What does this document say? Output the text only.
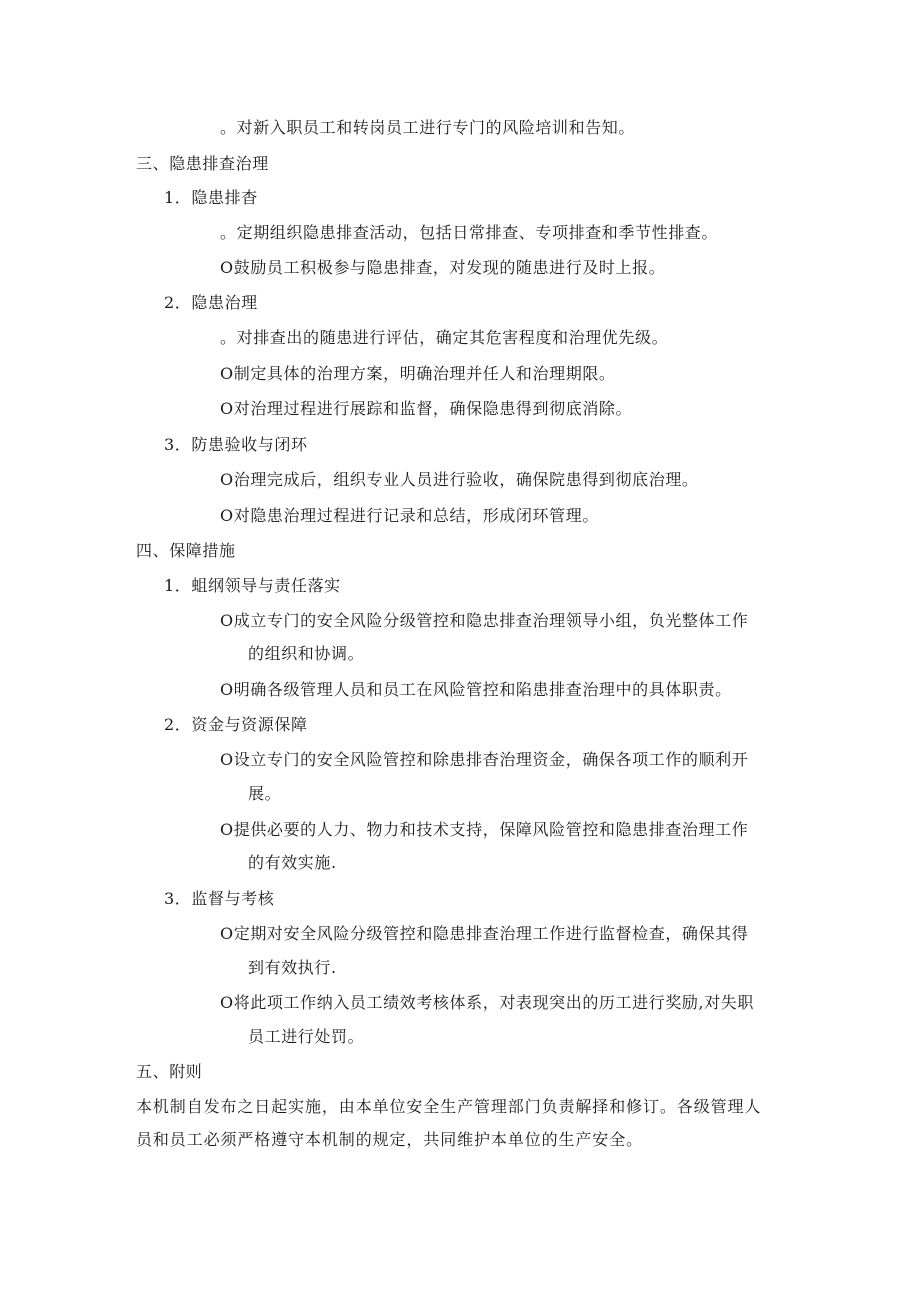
。对新入职员工和转岗员工进行专门的风险培训和告知。
三、隐患排查治理
1．隐患排杳
。定期组织隐患排查活动，包括日常排查、专项排查和季节性排查。
O鼓励员工积极参与隐患排查，对发现的随患进行及时上报。
2．隐患治理
。对排查出的随患进行评估，确定其危害程度和治理优先级。
O制定具体的治理方案，明确治理并任人和治理期限。
O对治理过程进行展踪和监督，确保隐患得到彻底消除。
3．防患验收与闭环
O治理完成后，组织专业人员进行验收，确保院患得到彻底治理。
O对隐患治理过程进行记录和总结，形成闭环管理。
四、保障措施
1．蛆纲领导与责任落实
O成立专门的安全风险分级管控和隐忠排查治理领导小组，负光整体工作
的组织和协调。
O明确各级管理人员和员工在风险管控和陷患排查治理中的具体职责。
2．资金与资源保障
O设立专门的安全风险管控和除患排杳治理资金，确保各项工作的顺利开
展。
O提供必要的人力、物力和技术支持，保障风险管控和隐患排查治理工作
的有效实施.
3．监督与考核
O定期对安全风险分级管控和隐患排查治理工作进行监督检查，确保其得
到有效执行.
O将此项工作纳入员工绩效考核体系，对表现突出的历工进行奖励,对失职
员工进行处罚。
五、附则
本机制自发布之日起实施，由本单位安全生产管理部门负责解择和修订。各级管理人
员和员工必须严格遵守本机制的规定，共同维护本单位的生产安全。
